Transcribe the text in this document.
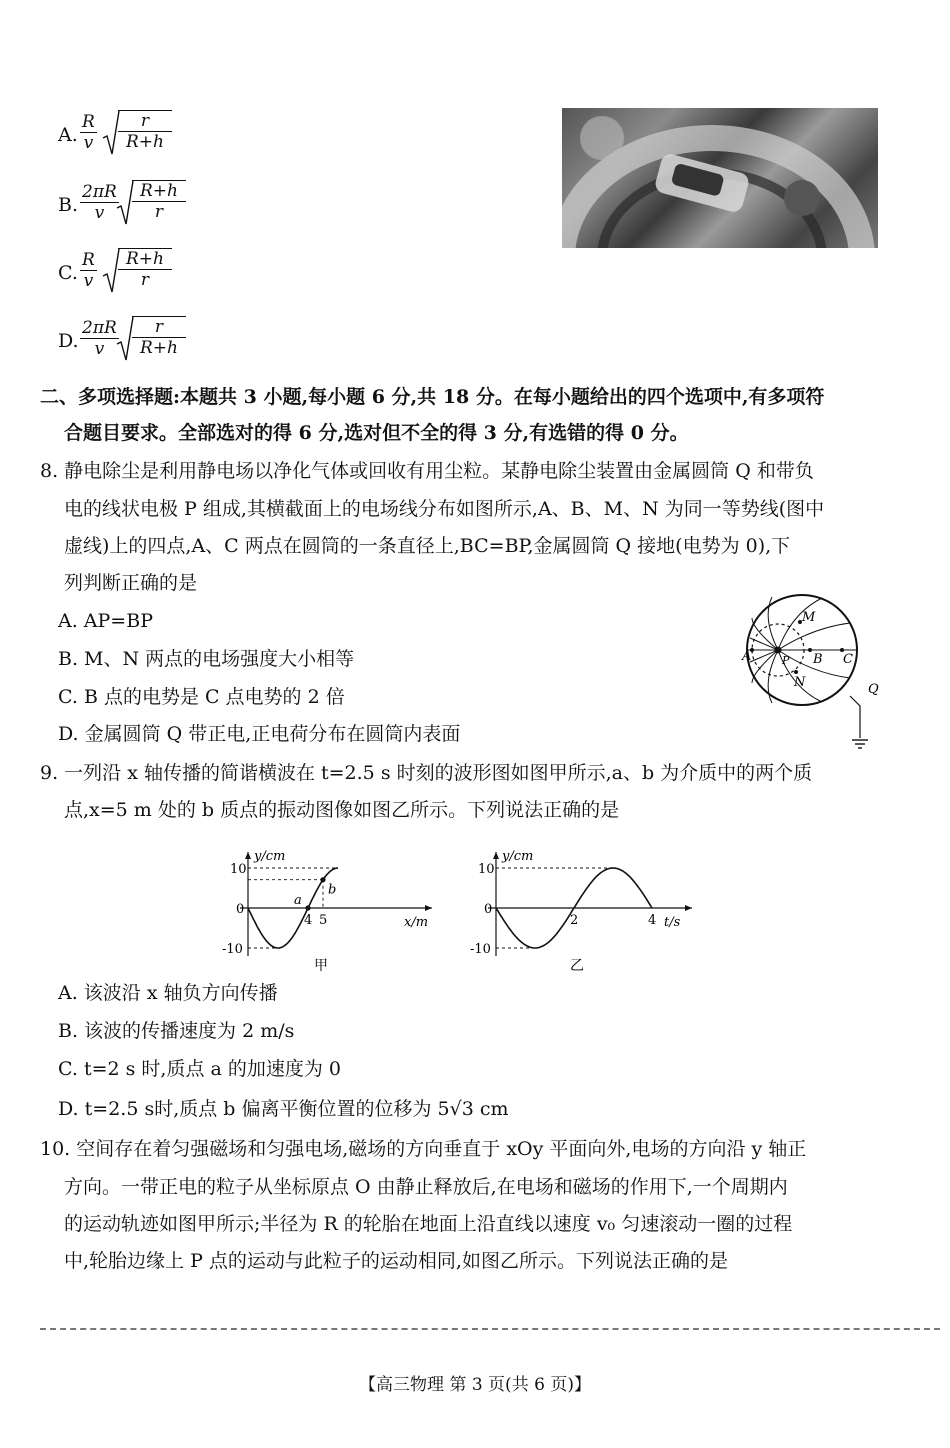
A. $\frac{R}{v} \frac{r}{R+h}$
B. $\frac{2\pi R}{v} \frac{R+h}{r}$
C. $\frac{R}{v} \frac{R+h}{r}$
D. $\frac{2\pi R}{v} \frac{r}{R+h}$
二、多项选择题:本题共 3 小题,每小题 6 分,共 18 分。在每小题给出的四个选项中,有多项符
合题目要求。全部选对的得 6 分,选对但不全的得 3 分,有选错的得 0 分。
8. 静电除尘是利用静电场以净化气体或回收有用尘粒。某静电除尘装置由金属圆筒 Q 和带负
电的线状电极 P 组成,其横截面上的电场线分布如图所示,A、B、M、N 为同一等势线(图中
虚线)上的四点,A、C 两点在圆筒的一条直径上,BC=BP,金属圆筒 Q 接地(电势为 0),下
列判断正确的是
A. AP=BP
B. M、N 两点的电场强度大小相等
C. B 点的电势是 C 点电势的 2 倍
D. 金属圆筒 Q 带正电,正电荷分布在圆筒内表面
M
N
A	P B C
Q
9. 一列沿 x 轴传播的简谐横波在 t=2.5 s 时刻的波形图如图甲所示,a、b 为介质中的两个质
点,x=5 m 处的 b 质点的振动图像如图乙所示。下列说法正确的是
y/cm
x/m
10
0
-10
4 5
a
b
甲
y/cm
t/s
10
0
-10
2	4
乙
A. 该波沿 x 轴负方向传播
B. 该波的传播速度为 2 m/s
C. t=2 s 时,质点 a 的加速度为 0
D. t=2.5 s时,质点 b 偏离平衡位置的位移为 5√3 cm
10. 空间存在着匀强磁场和匀强电场,磁场的方向垂直于 xOy 平面向外,电场的方向沿 y 轴正
方向。一带正电的粒子从坐标原点 O 由静止释放后,在电场和磁场的作用下,一个周期内
的运动轨迹如图甲所示;半径为 R 的轮胎在地面上沿直线以速度 v₀ 匀速滚动一圈的过程
中,轮胎边缘上 P 点的运动与此粒子的运动相同,如图乙所示。下列说法正确的是
【高三物理 第 3 页(共 6 页)】
